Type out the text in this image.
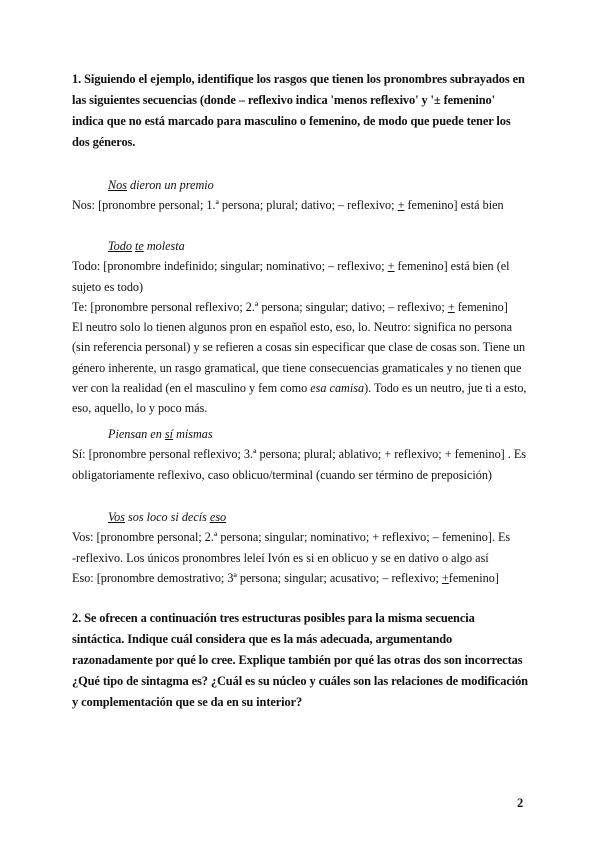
1. Siguiendo el ejemplo, identifique los rasgos que tienen los pronombres subrayados en
las siguientes secuencias (donde – reflexivo indica 'menos reflexivo' y '± femenino'
indica que no está marcado para masculino o femenino, de modo que puede tener los
dos géneros.
Nos dieron un premio
Nos: [pronombre personal; 1.ª persona; plural; dativo; – reflexivo; + femenino] está bien
Todo te molesta
Todo: [pronombre indefinido; singular; nominativo; – reflexivo; + femenino] está bien (el
sujeto es todo)
Te: [pronombre personal reflexivo; 2.ª persona; singular; dativo; – reflexivo; + femenino]
El neutro solo lo tienen algunos pron en español esto, eso, lo. Neutro: significa no persona
(sin referencia personal) y se refieren a cosas sin especificar que clase de cosas son. Tiene un
género inherente, un rasgo gramatical, que tiene consecuencias gramaticales y no tienen que
ver con la realidad (en el masculino y fem como esa camisa). Todo es un neutro, jue ti a esto,
eso, aquello, lo y poco más.
Piensan en sí mismas
Sí: [pronombre personal reflexivo; 3.ª persona; plural; ablativo; + reflexivo; + femenino] . Es
obligatoriamente reflexivo, caso oblicuo/terminal (cuando ser término de preposición)
Vos sos loco si decís eso
Vos: [pronombre personal; 2.ª persona; singular; nominativo; + reflexivo; – femenino]. Es
-reflexivo. Los únicos pronombres leleí Ivón es si en oblicuo y se en dativo o algo así
Eso: [pronombre demostrativo; 3ª persona; singular; acusativo; – reflexivo; +femenino]
2. Se ofrecen a continuación tres estructuras posibles para la misma secuencia
sintáctica. Indique cuál considera que es la más adecuada, argumentando
razonadamente por qué lo cree. Explique también por qué las otras dos son incorrectas
¿Qué tipo de sintagma es? ¿Cuál es su núcleo y cuáles son las relaciones de modificación
y complementación que se da en su interior?
2
